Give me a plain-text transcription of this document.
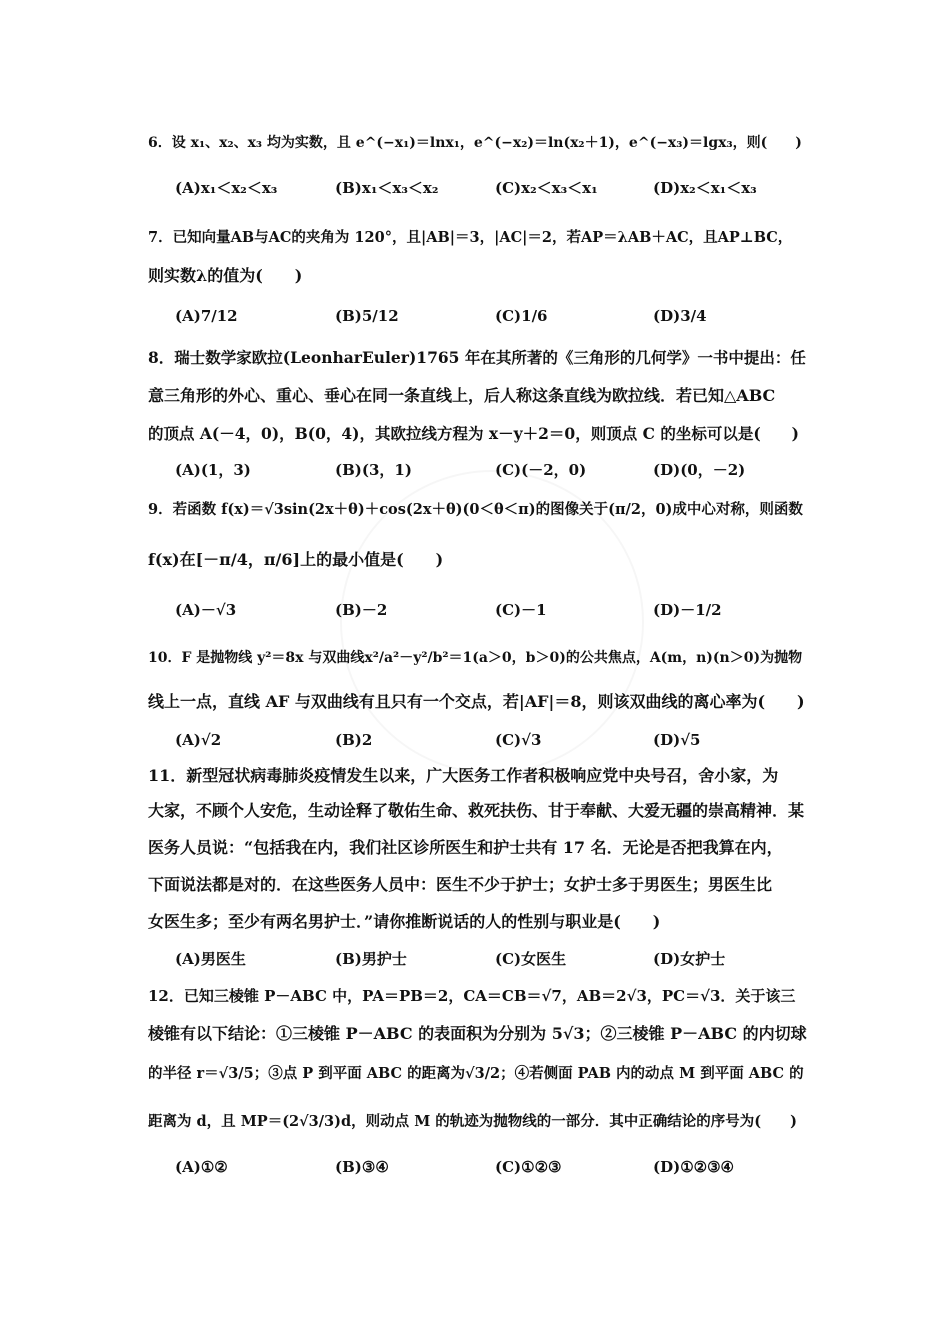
6．设 x₁、x₂、x₃ 均为实数，且 e^(−x₁)＝lnx₁，e^(−x₂)＝ln(x₂＋1)，e^(−x₃)＝lgx₃，则(　　)
(A)x₁＜x₂＜x₃	(B)x₁＜x₃＜x₂	(C)x₂＜x₃＜x₁	(D)x₂＜x₁＜x₃
7．已知向量AB与AC的夹角为 120°，且|AB|＝3，|AC|＝2，若AP＝λAB＋AC，且AP⊥BC，
则实数λ的值为(　　)
(A)7/12	(B)5/12	(C)1/6	(D)3/4
8．瑞士数学家欧拉(LeonharEuler)1765 年在其所著的《三角形的几何学》一书中提出：任
意三角形的外心、重心、垂心在同一条直线上，后人称这条直线为欧拉线．若已知△ABC
的顶点 A(－4，0)，B(0，4)，其欧拉线方程为 x－y＋2＝0，则顶点 C 的坐标可以是(　　)
(A)(1，3)	(B)(3，1)	(C)(－2，0)	(D)(0，－2)
9．若函数 f(x)＝√3sin(2x＋θ)＋cos(2x＋θ)(0＜θ＜π)的图像关于(π/2，0)成中心对称，则函数
f(x)在[－π/4，π/6]上的最小值是(　　)
(A)－√3	(B)－2	(C)－1	(D)－1/2
10．F 是抛物线 y²＝8x 与双曲线x²/a²－y²/b²＝1(a＞0，b＞0)的公共焦点，A(m，n)(n＞0)为抛物
线上一点，直线 AF 与双曲线有且只有一个交点，若|AF|＝8，则该双曲线的离心率为(　　)
(A)√2	(B)2	(C)√3	(D)√5
11．新型冠状病毒肺炎疫情发生以来，广大医务工作者积极响应党中央号召，舍小家，为
大家，不顾个人安危，生动诠释了敬佑生命、救死扶伤、甘于奉献、大爱无疆的崇高精神．某
医务人员说：“包括我在内，我们社区诊所医生和护士共有 17 名．无论是否把我算在内，
下面说法都是对的．在这些医务人员中：医生不少于护士；女护士多于男医生；男医生比
女医生多；至少有两名男护士．”请你推断说话的人的性别与职业是(　　)
(A)男医生	(B)男护士	(C)女医生	(D)女护士
12．已知三棱锥 P－ABC 中，PA＝PB＝2，CA＝CB＝√7，AB＝2√3，PC＝√3．关于该三
棱锥有以下结论：①三棱锥 P－ABC 的表面积为分别为 5√3；②三棱锥 P－ABC 的内切球
的半径 r＝√3/5；③点 P 到平面 ABC 的距离为√3/2；④若侧面 PAB 内的动点 M 到平面 ABC 的
距离为 d，且 MP＝(2√3/3)d，则动点 M 的轨迹为抛物线的一部分．其中正确结论的序号为(　　)
(A)①②	(B)③④	(C)①②③	(D)①②③④
